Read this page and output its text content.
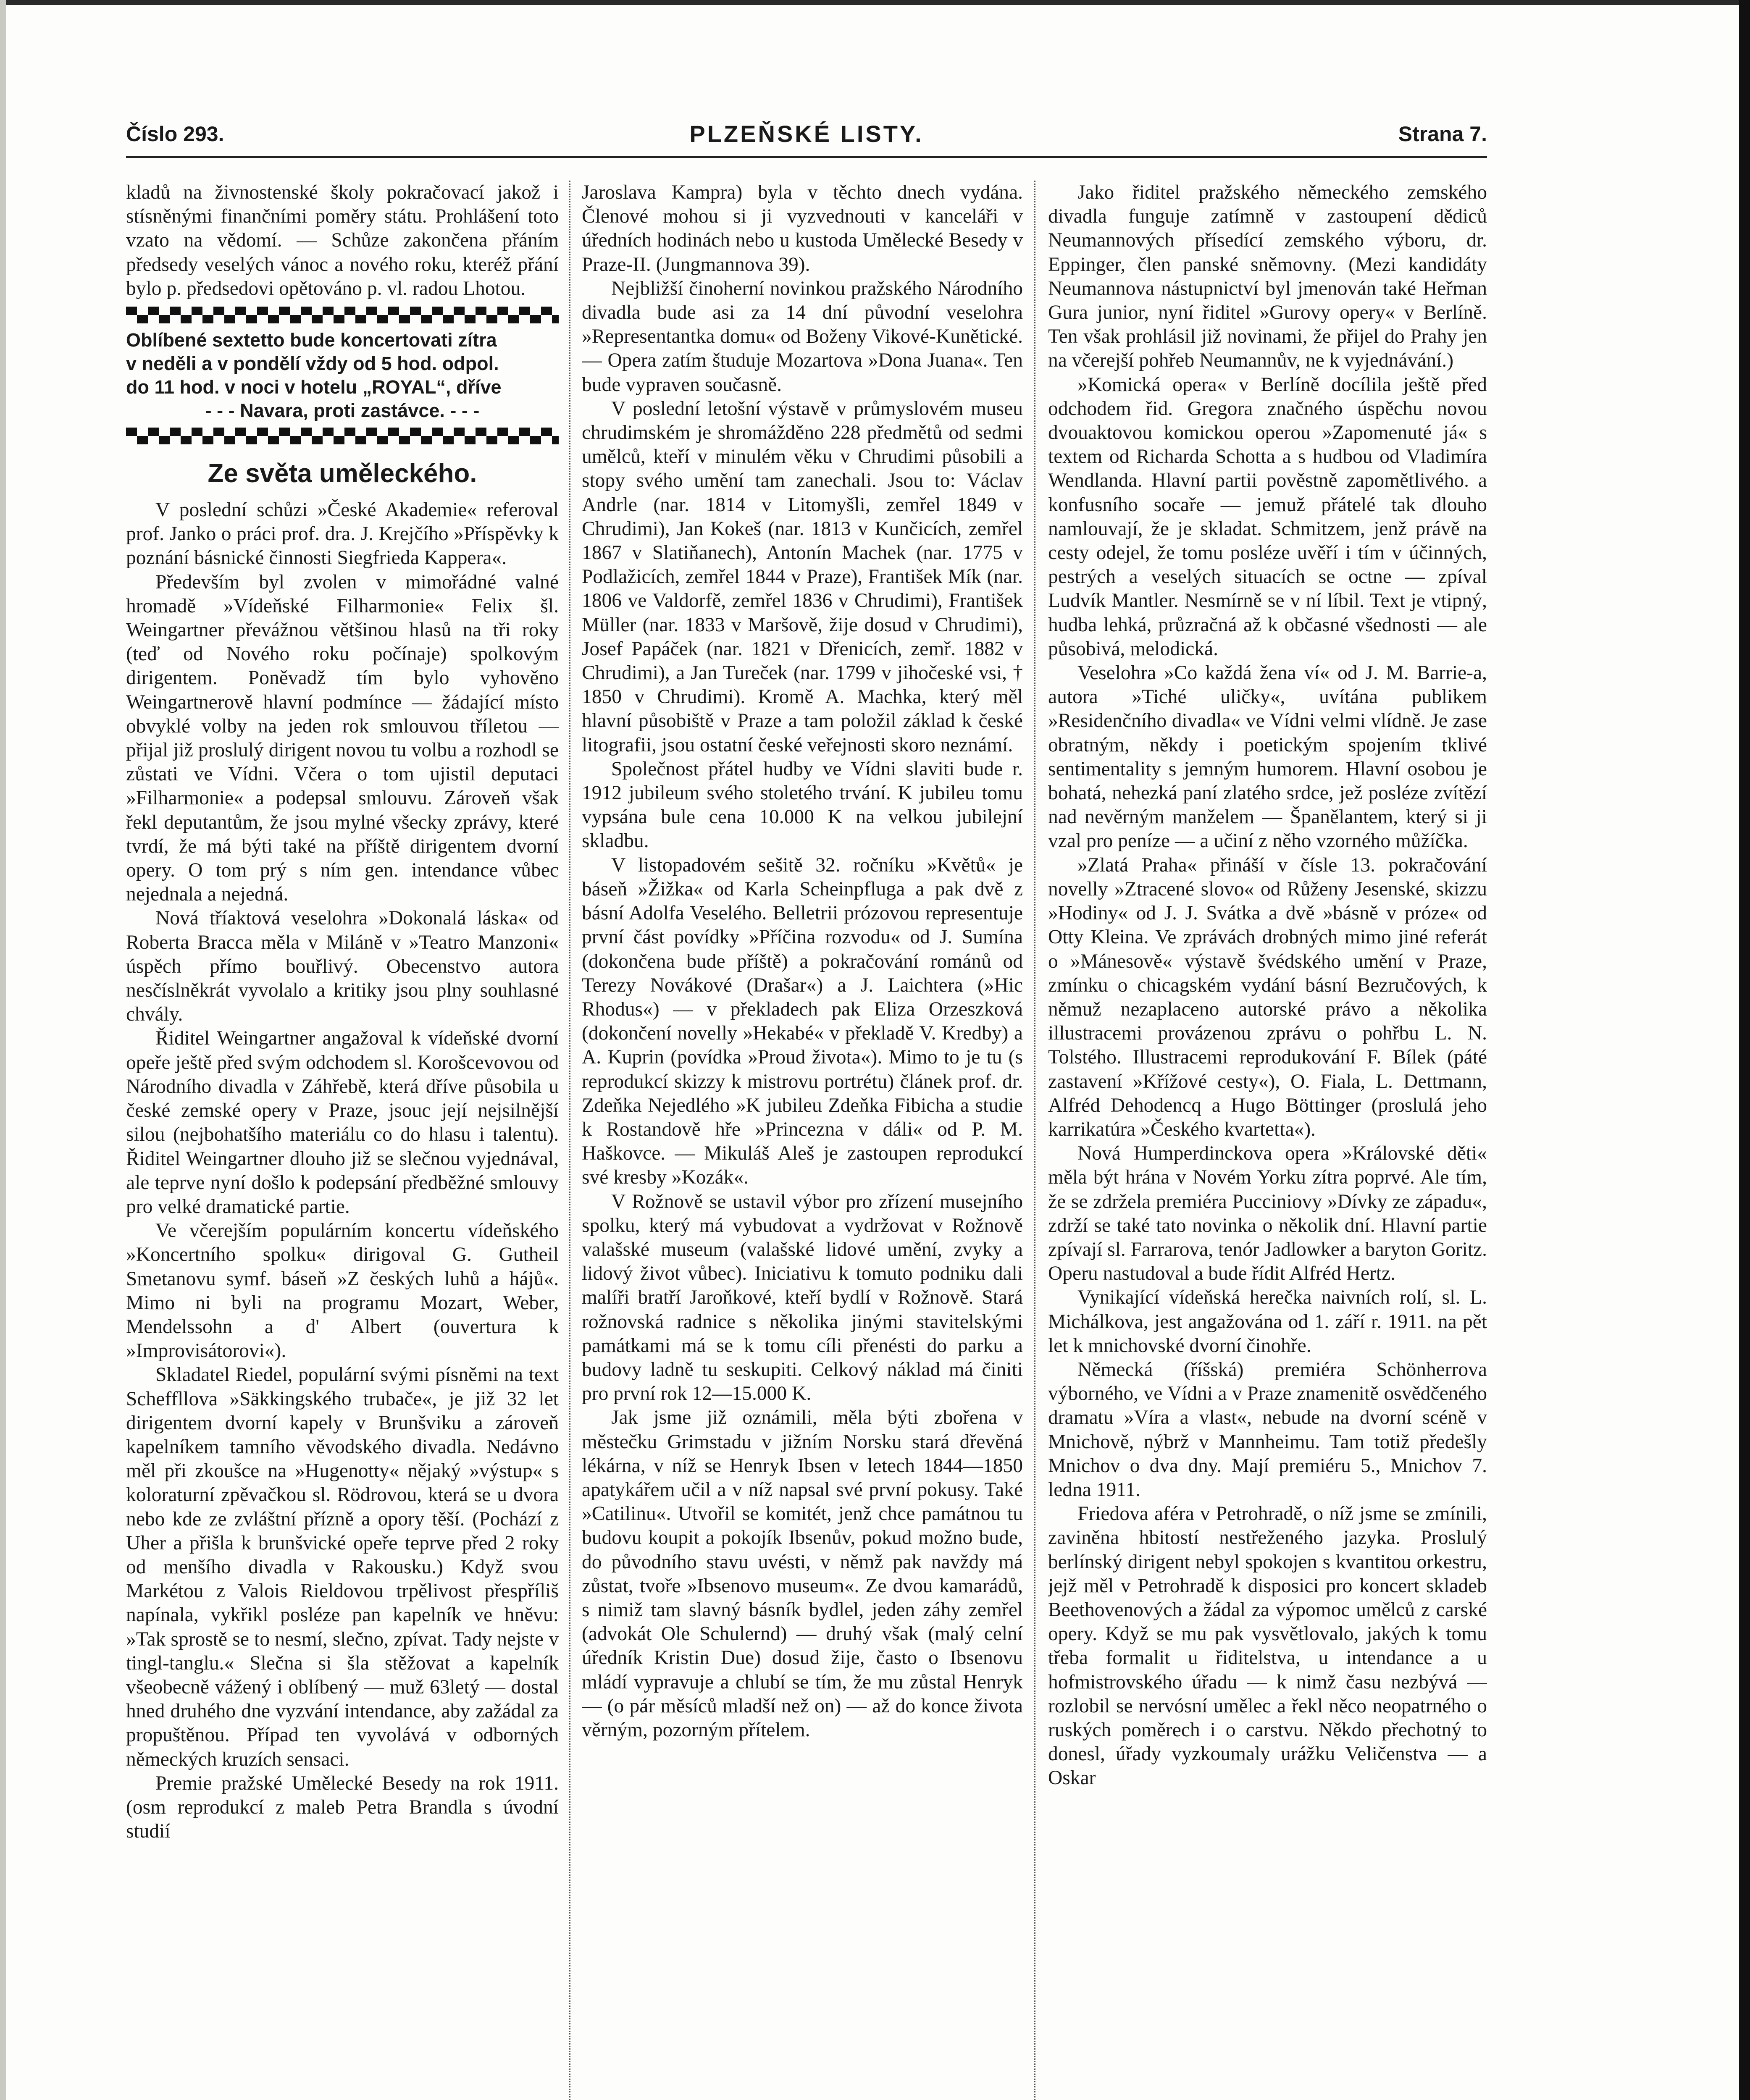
PLZEŇSKÉ LISTY.
Číslo 293.	Strana 7.

kladů na živnostenské školy pokračovací jakož i stísněnými finančními poměry státu. Prohlášení toto vzato na vědomí. — Schůze zakončena přáním předsedy veselých vánoc a nového roku, kteréž přání bylo p. předsedovi opětováno p. vl. radou Lhotou.

Oblíbené sextetto bude koncertovati zítra

v neděli a v pondělí vždy od 5 hod. odpol.

do 11 hod. v noci v hotelu „ROYAL“, dříve

- - - Navara, proti zastávce. - - -

Ze světa uměleckého.

V poslední schůzi »České Akademie« referoval prof. Janko o práci prof. dra. J. Krejčího »Příspěvky k poznání básnické činnosti Siegfrieda Kappera«.

Především byl zvolen v mimořádné valné hromadě »Vídeňské Filharmonie« Felix šl. Weingartner převážnou většinou hlasů na tři roky (teď od Nového roku počínaje) spolkovým dirigentem. Poněvadž tím bylo vyhověno Weingartnerově hlavní podmínce — žádající místo obvyklé volby na jeden rok smlouvou tříletou — přijal již proslulý dirigent novou tu volbu a rozhodl se zůstati ve Vídni. Včera o tom ujistil deputaci »Filharmonie« a podepsal smlouvu. Zároveň však řekl deputantům, že jsou mylné všecky zprávy, které tvrdí, že má býti také na příště dirigentem dvorní opery. O tom prý s ním gen. intendance vůbec nejednala a nejedná.

Nová tříaktová veselohra »Dokonalá láska« od Roberta Bracca měla v Miláně v »Teatro Manzoni« úspěch přímo bouřlivý. Obecenstvo autora nesčíslněkrát vyvolalo a kritiky jsou plny souhlasné chvály.

Řiditel Weingartner angažoval k vídeňské dvorní opeře ještě před svým odchodem sl. Korošcevovou od Národního divadla v Záhřebě, která dříve působila u české zemské opery v Praze, jsouc její nejsilnější silou (nejbohatšího materiálu co do hlasu i talentu). Řiditel Weingartner dlouho již se slečnou vyjednával, ale teprve nyní došlo k podepsání předběžné smlouvy pro velké dramatické partie.

Ve včerejším populárním koncertu vídeňského »Koncertního spolku« dirigoval G. Gutheil Smetanovu symf. báseň »Z českých luhů a hájů«. Mimo ni byli na programu Mozart, Weber, Mendelssohn a d' Albert (ouvertura k »Improvisátorovi«).

Skladatel Riedel, populární svými písněmi na text Scheffllova »Säkkingského trubače«, je již 32 let dirigentem dvorní kapely v Brunšviku a zároveň kapelníkem tamního věvodského divadla. Nedávno měl při zkoušce na »Hugenotty« nějaký »výstup« s koloraturní zpěvačkou sl. Rödrovou, která se u dvora nebo kde ze zvláštní přízně a opory těší. (Pochází z Uher a přišla k brunšvické opeře teprve před 2 roky od menšího divadla v Rakousku.) Když svou Markétou z Valois Rieldovou trpělivost přespříliš napínala, vykřikl posléze pan kapelník ve hněvu: »Tak sprostě se to nesmí, slečno, zpívat. Tady nejste v tingl-tanglu.« Slečna si šla stěžovat a kapelník všeobecně vážený i oblíbený — muž 63letý — dostal hned druhého dne vyzvání intendance, aby zažádal za propuštěnou. Případ ten vyvolává v odborných německých kruzích sensaci.

Premie pražské Umělecké Besedy na rok 1911. (osm reprodukcí z maleb Petra Brandla s úvodní studií

Jaroslava Kampra) byla v těchto dnech vydána. Členové mohou si ji vyzvednouti v kanceláři v úředních hodinách nebo u kustoda Umělecké Besedy v Praze-II. (Jungmannova 39).

Nejbližší činoherní novinkou pražského Národního divadla bude asi za 14 dní původní veselohra »Representantka domu« od Boženy Vikové-Kunětické. — Opera zatím študuje Mozartova »Dona Juana«. Ten bude vypraven současně.

V poslední letošní výstavě v průmyslovém museu chrudimském je shromážděno 228 předmětů od sedmi umělců, kteří v minulém věku v Chrudimi působili a stopy svého umění tam zanechali. Jsou to: Václav Andrle (nar. 1814 v Litomyšli, zemřel 1849 v Chrudimi), Jan Kokeš (nar. 1813 v Kunčicích, zemřel 1867 v Slatiňanech), Antonín Machek (nar. 1775 v Podlažicích, zemřel 1844 v Praze), František Mík (nar. 1806 ve Valdorfě, zemřel 1836 v Chrudimi), František Müller (nar. 1833 v Maršově, žije dosud v Chrudimi), Josef Papáček (nar. 1821 v Dřenicích, zemř. 1882 v Chrudimi), a Jan Tureček (nar. 1799 v jihočeské vsi, † 1850 v Chrudimi). Kromě A. Machka, který měl hlavní působiště v Praze a tam položil základ k české litografii, jsou ostatní české veřejnosti skoro neznámí.

Společnost přátel hudby ve Vídni slaviti bude r. 1912 jubileum svého stoletého trvání. K jubileu tomu vypsána bule cena 10.000 K na velkou jubilejní skladbu.

V listopadovém sešitě 32. ročníku »Květů« je báseň »Žižka« od Karla Scheinpfluga a pak dvě z básní Adolfa Veselého. Belletrii prózovou representuje první část povídky »Příčina rozvodu« od J. Sumína (dokončena bude příště) a pokračování románů od Terezy Novákové (Drašar«) a J. Laichtera (»Hic Rhodus«) — v překladech pak Eliza Orzeszková (dokončení novelly »Hekabé« v překladě V. Kredby) a A. Kuprin (povídka »Proud života«). Mimo to je tu (s reprodukcí skizzy k mistrovu portrétu) článek prof. dr. Zdeňka Nejedlého »K jubileu Zdeňka Fibicha a studie k Rostandově hře »Princezna v dáli« od P. M. Haškovce. — Mikuláš Aleš je zastoupen reprodukcí své kresby »Kozák«.

V Rožnově se ustavil výbor pro zřízení musejního spolku, který má vybudovat a vydržovat v Rožnově valašské museum (valašské lidové umění, zvyky a lidový život vůbec). Iniciativu k tomuto podniku dali malíři bratří Jaroňkové, kteří bydlí v Rožnově. Stará rožnovská radnice s několika jinými stavitelskými památkami má se k tomu cíli přenésti do parku a budovy ladně tu seskupiti. Celkový náklad má činiti pro první rok 12—15.000 K.

Jak jsme již oznámili, měla býti zbořena v městečku Grimstadu v jižním Norsku stará dřevěná lékárna, v níž se Henryk Ibsen v letech 1844—1850 apatykářem učil a v níž napsal své první pokusy. Také »Catilinu«. Utvořil se komitét, jenž chce památnou tu budovu koupit a pokojík Ibsenův, pokud možno bude, do původního stavu uvésti, v němž pak navždy má zůstat, tvoře »Ibsenovo museum«. Ze dvou kamarádů, s nimiž tam slavný básník bydlel, jeden záhy zemřel (advokát Ole Schulernd) — druhý však (malý celní úředník Kristin Due) dosud žije, často o Ibsenovu mládí vypravuje a chlubí se tím, že mu zůstal Henryk — (o pár měsíců mladší než on) — až do konce života věrným, pozorným přítelem.

Jako řiditel pražského německého zemského divadla funguje zatímně v zastoupení dědiců Neumannových přísedící zemského výboru, dr. Eppinger, člen panské sněmovny. (Mezi kandidáty Neumannova nástupnictví byl jmenován také Heřman Gura junior, nyní řiditel »Gurovy opery« v Berlíně. Ten však prohlásil již novinami, že přijel do Prahy jen na včerejší pohřeb Neumannův, ne k vyjednávání.)

»Komická opera« v Berlíně docílila ještě před odchodem řid. Gregora značného úspěchu novou dvouaktovou komickou operou »Zapomenuté já« s textem od Richarda Schotta a s hudbou od Vladimíra Wendlanda. Hlavní partii pověstně zapomětlivého. a konfusního socaře — jemuž přátelé tak dlouho namlouvají, že je skladat. Schmitzem, jenž právě na cesty odejel, že tomu posléze uvěří i tím v účinných, pestrých a veselých situacích se octne — zpíval Ludvík Mantler. Nesmírně se v ní líbil. Text je vtipný, hudba lehká, průzračná až k občasné všednosti — ale působivá, melodická.

Veselohra »Co každá žena ví« od J. M. Barrie-a, autora »Tiché uličky«, uvítána publikem »Residenčního divadla« ve Vídni velmi vlídně. Je zase obratným, někdy i poetickým spojením tklivé sentimentality s jemným humorem. Hlavní osobou je bohatá, nehezká paní zlatého srdce, jež posléze zvítězí nad nevěrným manželem — Španělantem, který si ji vzal pro peníze — a učiní z něho vzorného můžíčka.

»Zlatá Praha« přináší v čísle 13. pokračování novelly »Ztracené slovo« od Růženy Jesenské, skizzu »Hodiny« od J. J. Svátka a dvě »básně v próze« od Otty Kleina. Ve zprávách drobných mimo jiné referát o »Mánesově« výstavě švédského umění v Praze, zmínku o chicagském vydání básní Bezručových, k němuž nezaplaceno autorské právo a několika illustracemi provázenou zprávu o pohřbu L. N. Tolstého. Illustracemi reprodukování F. Bílek (páté zastavení »Křížové cesty«), O. Fiala, L. Dettmann, Alfréd Dehodencq a Hugo Böttinger (proslulá jeho karrikatúra »Českého kvartetta«).

Nová Humperdinckova opera »Královské děti« měla být hrána v Novém Yorku zítra poprvé. Ale tím, že se zdržela premiéra Pucciniovy »Dívky ze západu«, zdrží se také tato novinka o několik dní. Hlavní partie zpívají sl. Farrarova, tenór Jadlowker a baryton Goritz. Operu nastudoval a bude řídit Alfréd Hertz.

Vynikající vídeňská herečka naivních rolí, sl. L. Michálkova, jest angažována od 1. září r. 1911. na pět let k mnichovské dvorní činohře.

Německá (říšská) premiéra Schönherrova výborného, ve Vídni a v Praze znamenitě osvědčeného dramatu »Víra a vlast«, nebude na dvorní scéně v Mnichově, nýbrž v Mannheimu. Tam totiž předešly Mnichov o dva dny. Mají premiéru 5., Mnichov 7. ledna 1911.

Friedova aféra v Petrohradě, o níž jsme se zmínili, zaviněna hbitostí nestřeženého jazyka. Proslulý berlínský dirigent nebyl spokojen s kvantitou orkestru, jejž měl v Petrohradě k disposici pro koncert skladeb Beethovenových a žádal za výpomoc umělců z carské opery. Když se mu pak vysvětlovalo, jakých k tomu třeba formalit u řiditelstva, u intendance a u hofmistrovského úřadu — k nimž času nezbývá — rozlobil se nervósní umělec a řekl něco neopatrného o ruských poměrech i o carstvu. Někdo přechotný to donesl, úřady vyzkoumaly urážku Veličenstva — a Oskar
